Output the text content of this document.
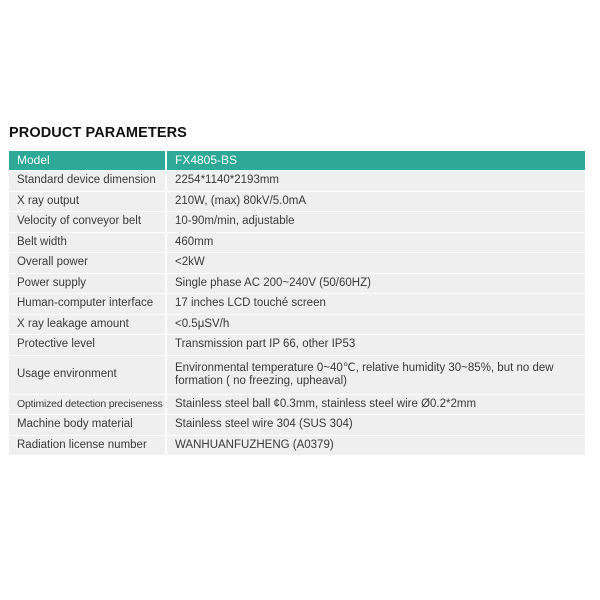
PRODUCT PARAMETERS
Model	FX4805-BS
Standard device dimension	2254*1140*2193mm
X ray output	210W, (max) 80kV/5.0mA
Velocity of conveyor belt	10-90m/min, adjustable
Belt width	460mm
Overall power	<2kW
Power supply	Single phase AC 200~240V (50/60HZ)
Human-computer interface	17 inches LCD touché screen
X ray leakage amount	<0.5μSV/h
Protective level	Transmission part IP 66, other IP53
Usage environment	Environmental temperature 0~40℃, relative humidity 30~85%, but no dew formation ( no freezing, upheaval)
Optimized detection preciseness	Stainless steel ball ¢0.3mm, stainless steel wire Ø0.2*2mm
Machine body material	Stainless steel wire 304 (SUS 304)
Radiation license number	WANHUANFUZHENG (A0379)
